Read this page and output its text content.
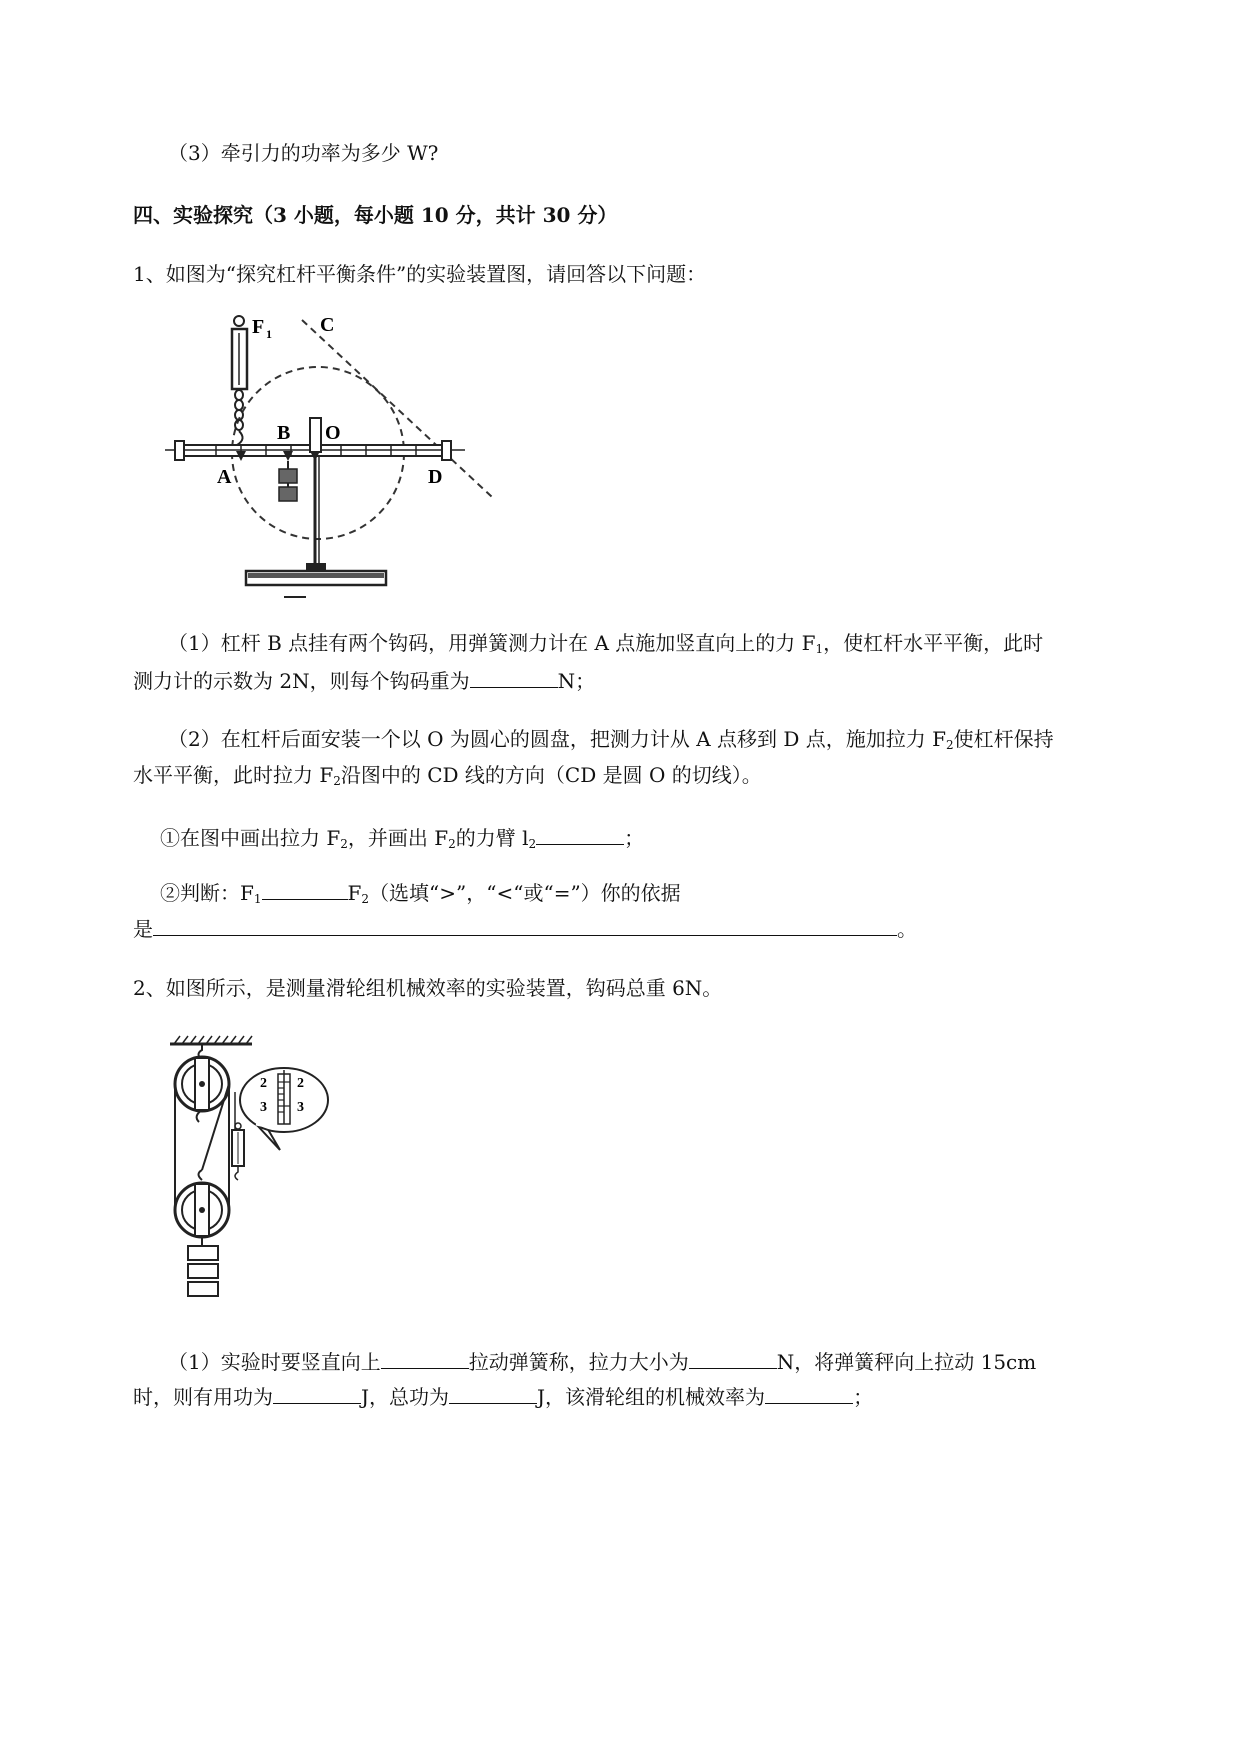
（3）牵引力的功率为多少 W?
四、实验探究（3 小题，每小题 10 分，共计 30 分）
1、如图为“探究杠杆平衡条件”的实验装置图，请回答以下问题：
F 1 C
B O
A	D
（1）杠杆 B 点挂有两个钩码，用弹簧测力计在 A 点施加竖直向上的力 $F_1$，使杠杆水平平衡，此时
测力计的示数为 2N，则每个钩码重为	N；
（2）在杠杆后面安装一个以 O 为圆心的圆盘，把测力计从 A 点移到 D 点，施加拉力 $F_2$使杠杆保持
水平平衡，此时拉力 $F_2$沿图中的 CD 线的方向（CD 是圆 O 的切线）。
①在图中画出拉力 $F_2$，并画出 $F_2$的力臂 $l_2$	；
②判断：$F_1$	$F_2$（选填“>”，“<“或“=”）你的依据
是	。
2、如图所示，是测量滑轮组机械效率的实验装置，钩码总重 6N。
2 2
3 3
（1）实验时要竖直向上	拉动弹簧称，拉力大小为	N，将弹簧秤向上拉动 15cm
时，则有用功为	J，总功为	J，该滑轮组的机械效率为	；
